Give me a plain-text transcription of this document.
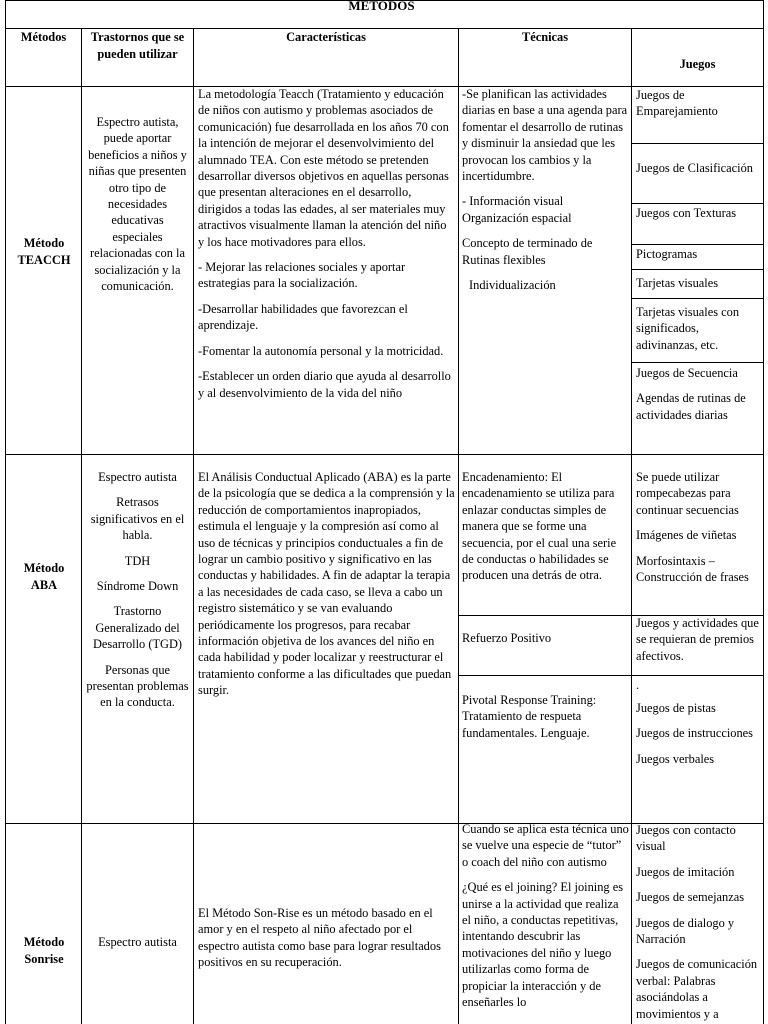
MÉTODOS
Métodos	Trastornos que se pueden utilizar
Características	Técnicas
Juegos
Método TEACCH
Espectro autista, puede aportar beneficios a niños y niñas que presenten otro tipo de necesidades educativas especiales relacionadas con la socialización y la comunicación.

La metodología Teacch (Tratamiento y educación de niños con autismo y problemas asociados de comunicación) fue desarrollada en los años 70 con la intención de mejorar el desenvolvimiento del alumnado TEA. Con este método se pretenden desarrollar diversos objetivos en aquellas personas que presentan alteraciones en el desarrollo, dirigidos a todas las edades, al ser materiales muy atractivos visualmente llaman la atención del niño y los hace motivadores para ellos.

- Mejorar las relaciones sociales y aportar estrategias para la socialización.

-Desarrollar habilidades que favorezcan el aprendizaje.

-Fomentar la autonomía personal y la motricidad.

-Establecer un orden diario que ayuda al desarrollo y al desenvolvimiento de la vida del niño

-Se planifican las actividades diarias en base a una agenda para fomentar el desarrollo de rutinas y disminuir la ansiedad que les provocan los cambios y la incertidumbre.

- Información visual Organización espacial

Concepto de terminado de Rutinas flexibles

Individualización

Juegos de Emparejamiento
Juegos de Clasificación
Juegos con Texturas
Pictogramas
Tarjetas visuales
Tarjetas visuales con significados, adivinanzas, etc.

Juegos de Secuencia

Agendas de rutinas de actividades diarias

Método ABA

Espectro autista

Retrasos significativos en el habla.

TDH

Síndrome Down

Trastorno Generalizado del Desarrollo (TGD)

Personas que presentan problemas en la conducta.

El Análisis Conductual Aplicado (ABA) es la parte de la psicología que se dedica a la comprensión y la reducción de comportamientos inapropiados, estimula el lenguaje y la compresión así como al uso de técnicas y principios conductuales a fin de lograr un cambio positivo y significativo en las conductas y habilidades. A fin de adaptar la terapia a las necesidades de cada caso, se lleva a cabo un registro sistemático y se van evaluando periódicamente los progresos, para recabar información objetiva de los avances del niño en cada habilidad y poder localizar y reestructurar el tratamiento conforme a las dificultades que puedan surgir.
Encadenamiento: El encadenamiento se utiliza para enlazar conductas simples de manera que se forme una secuencia, por el cual una serie de conductas o habilidades se producen una detrás de otra.
Refuerzo Positivo
Pivotal Response Training: Tratamiento de respueta fundamentales. Lenguaje.

Se puede utilizar rompecabezas para continuar secuencias

Imágenes de viñetas

Morfosintaxis – Construcción de frases

Juegos y actividades que se requieran de premios afectivos.

.

Juegos de pistas

Juegos de instrucciones

Juegos verbales

Método Sonrise
Espectro autista
El Método Son-Rise es un método basado en el amor y en el respeto al niño afectado por el espectro autista como base para lograr resultados positivos en su recuperación.

Cuando se aplica esta técnica uno se vuelve una especie de “tutor” o coach del niño con autismo

¿Qué es el joining? El joining es unirse a la actividad que realiza el niño, a conductas repetitivas, intentando descubrir las motivaciones del niño y luego utilizarlas como forma de propiciar la interacción y de enseñarles lo

Juegos con contacto visual

Juegos de imitación

Juegos de semejanzas

Juegos de dialogo y Narración

Juegos de comunicación verbal: Palabras asociándolas a movimientos y a
